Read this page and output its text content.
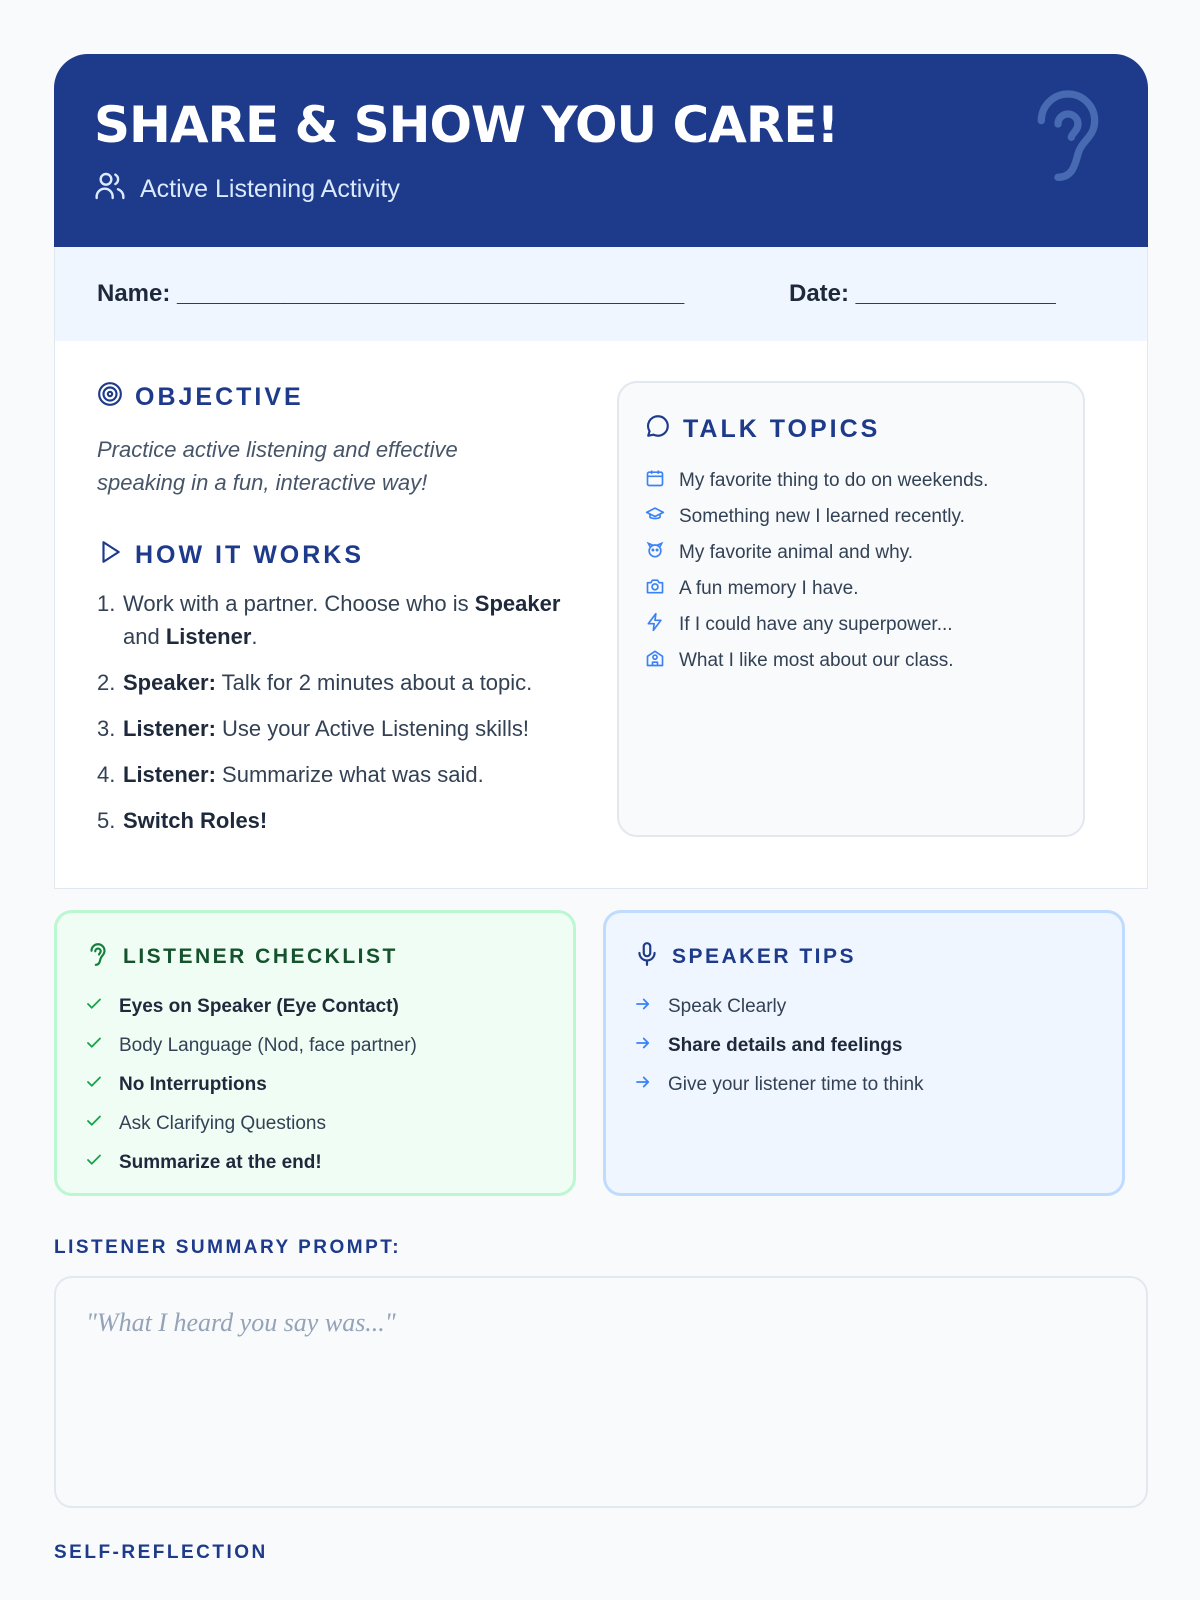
SHARE & SHOW YOU CARE!
Active Listening Activity
Name: ______________________________________	Date: _______________
OBJECTIVE
Practice active listening and effective speaking in a fun, interactive way!
HOW IT WORKS
1. Work with a partner. Choose who is Speaker and Listener.
2. Speaker: Talk for 2 minutes about a topic.
3. Listener: Use your Active Listening skills!
4. Listener: Summarize what was said.
5. Switch Roles!
TALK TOPICS
My favorite thing to do on weekends.
Something new I learned recently.
My favorite animal and why.
A fun memory I have.
If I could have any superpower...
What I like most about our class.
LISTENER CHECKLIST
Eyes on Speaker (Eye Contact)
Body Language (Nod, face partner)
No Interruptions
Ask Clarifying Questions
Summarize at the end!
SPEAKER TIPS
Speak Clearly
Share details and feelings
Give your listener time to think
LISTENER SUMMARY PROMPT:
"What I heard you say was..."
SELF-REFLECTION
